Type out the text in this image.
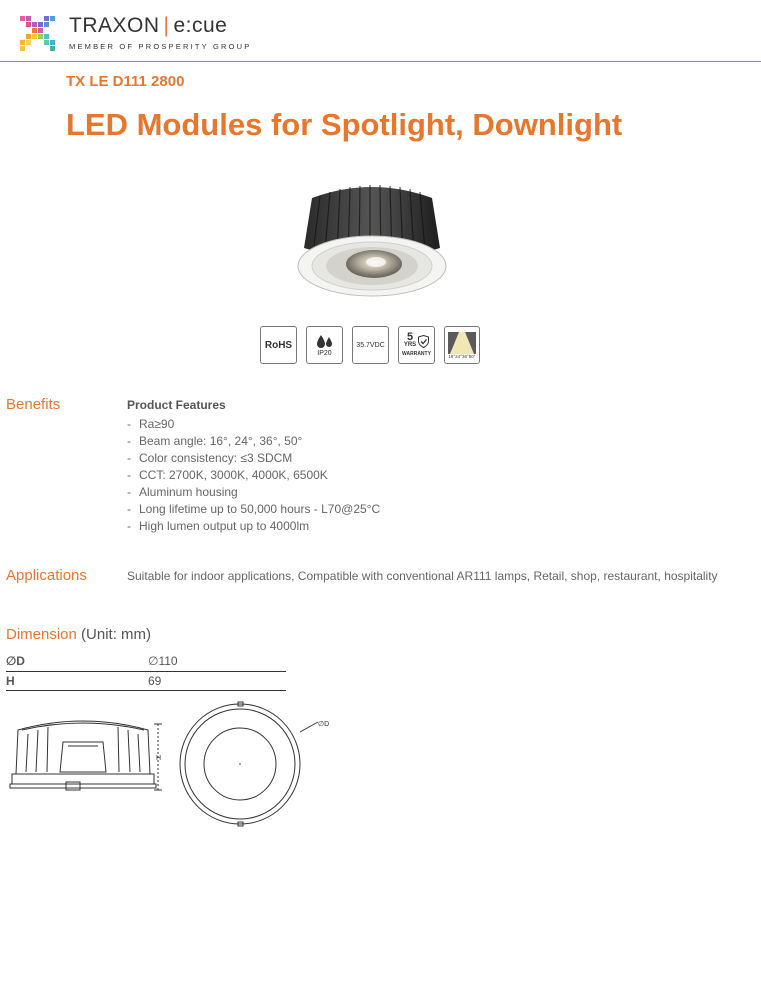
TRAXON | e:cue
MEMBER OF PROSPERITY GROUP
TX LE D111 2800
LED Modules for Spotlight, Downlight
RoHS
IP20
35.7VDC
5
YRS
WARRANTY	16°24°36°50°
Benefits	Product Features
- Ra≥90
- Beam angle: 16°, 24°, 36°, 50°
- Color consistency: ≤3 SDCM
- CCT: 2700K, 3000K, 4000K, 6500K
- Aluminum housing
- Long lifetime up to 50,000 hours - L70@25°C
- High lumen output up to 4000lm
Applications	Suitable for indoor applications, Compatible with conventional AR111 lamps, Retail, shop, restaurant, hospitality
Dimension (Unit: mm)
∅D	∅110
H	69
H
∅D
